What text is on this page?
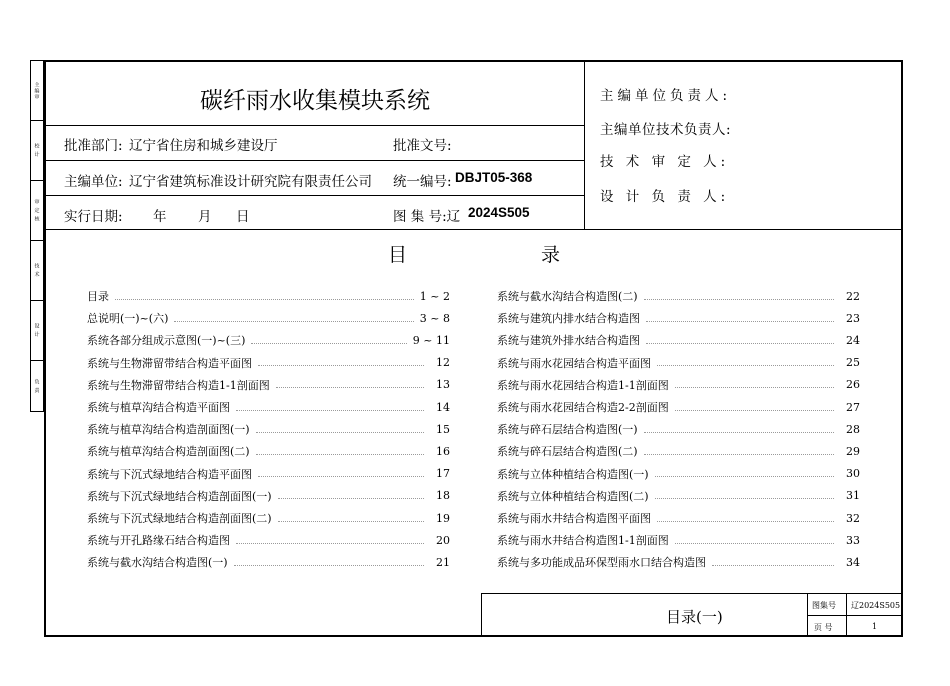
主编审
校 计
审 定 核
技 术
设 计
负 责
碳纤雨水收集模块系统
批准部门: 辽宁省住房和城乡建设厅	批准文号:
主编单位: 辽宁省建筑标准设计研究院有限责任公司 统一编号: DBJT05-368
实行日期: 年 月 日	图 集 号:辽 2024S505
主编单位负责人:
主编单位技术负责人:
技 术 审 定 人:
设 计 负 责 人:
目	录
目录	1 ~ 2
总说明(一)~(六)	3 ~ 8
系统各部分组成示意图(一)~(三)	9 ~ 11
系统与生物滞留带结合构造平面图	12
系统与生物滞留带结合构造1-1剖面图	13
系统与植草沟结合构造平面图	14
系统与植草沟结合构造剖面图(一)	15
系统与植草沟结合构造剖面图(二)	16
系统与下沉式绿地结合构造平面图	17
系统与下沉式绿地结合构造剖面图(一)	18
系统与下沉式绿地结合构造剖面图(二)	19
系统与开孔路缘石结合构造图	20
系统与截水沟结合构造图(一)	21
系统与截水沟结合构造图(二)	22
系统与建筑内排水结合构造图	23
系统与建筑外排水结合构造图	24
系统与雨水花园结合构造平面图	25
系统与雨水花园结合构造1-1剖面图	26
系统与雨水花园结合构造2-2剖面图	27
系统与碎石层结合构造图(一)	28
系统与碎石层结合构造图(二)	29
系统与立体种植结合构造图(一)	30
系统与立体种植结合构造图(二)	31
系统与雨水井结合构造图平面图	32
系统与雨水井结合构造图1-1剖面图	33
系统与多功能成品环保型雨水口结合构造图	34
目录(一)
图集号 辽2024S505
页 号	1
